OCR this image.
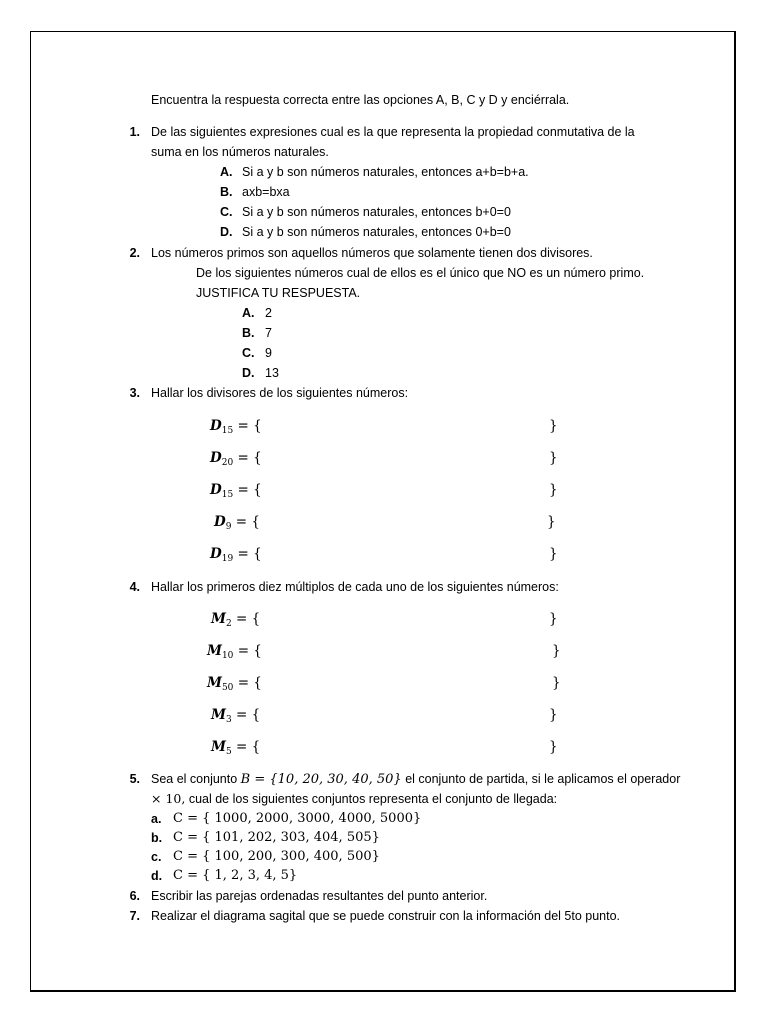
Encuentra la respuesta correcta entre las opciones A, B, C y D y enciérrala.
1. De las siguientes expresiones cual es la que representa la propiedad conmutativa de la
suma en los números naturales.
A. Si a y b son números naturales, entonces a+b=b+a.
B. axb=bxa
C. Si a y b son números naturales, entonces b+0=0
D. Si a y b son números naturales, entonces 0+b=0
2. Los números primos son aquellos números que solamente tienen dos divisores.
De los siguientes números cual de ellos es el único que NO es un número primo.
JUSTIFICA TU RESPUESTA.
A. 2
B. 7
C. 9
D. 13
3. Hallar los divisores de los siguientes números:
$D_{15}$ = {	}
$D_{20}$ = {	}
$D_{15}$ = {	}
$D_9$ = {	}
$D_{19}$ = {	}
4. Hallar los primeros diez múltiplos de cada uno de los siguientes números:
$M_2$ = {	}
$M_{10}$ = {	}
$M_{50}$ = {	}
$M_3$ = {	}
$M_5$ = {	}
5. Sea el conjunto B = {10, 20, 30, 40, 50} el conjunto de partida, si le aplicamos el operador
× 10, cual de los siguientes conjuntos representa el conjunto de llegada:
a. C = { 1000, 2000, 3000, 4000, 5000}
b. C = { 101, 202, 303, 404, 505}
c. C = { 100, 200, 300, 400, 500}
d. C = { 1, 2, 3, 4, 5}
6. Escribir las parejas ordenadas resultantes del punto anterior.
7. Realizar el diagrama sagital que se puede construir con la información del 5to punto.
